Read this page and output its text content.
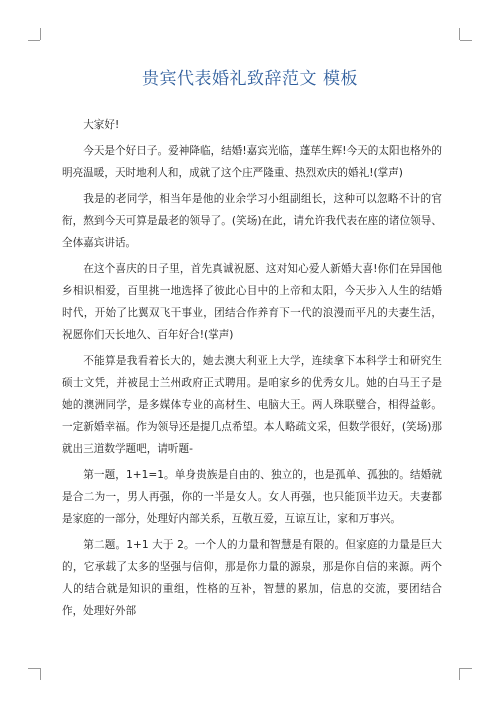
贵宾代表婚礼致辞范文 模板

大家好!

今天是个好日子。爱神降临，结婚!嘉宾光临，蓬荜生辉!今天的太阳也格外的明亮温暖，天时地利人和，成就了这个庄严隆重、热烈欢庆的婚礼!(掌声)

我是的老同学，相当年是他的业余学习小组副组长，这种可以忽略不计的官衔，熬到今天可算是最老的领导了。(笑场)在此，请允许我代表在座的诸位领导、全体嘉宾讲话。

在这个喜庆的日子里，首先真诚祝愿、这对知心爱人新婚大喜!你们在异国他乡相识相爱，百里挑一地选择了彼此心目中的上帝和太阳，今天步入人生的结婚时代，开始了比翼双飞干事业，团结合作养育下一代的浪漫而平凡的夫妻生活，祝愿你们天长地久、百年好合!(掌声)

不能算是我看着长大的，她去澳大利亚上大学，连续拿下本科学士和研究生硕士文凭，并被昆士兰州政府正式聘用。是咱家乡的优秀女儿。她的白马王子是她的澳洲同学，是多媒体专业的高材生、电脑大王。两人珠联璧合，相得益彰。一定新婚幸福。作为领导还是提几点希望。本人略疏文采，但数学很好，(笑场)那就出三道数学题吧，请听题-

第一题，1+1=1。单身贵族是自由的、独立的，也是孤单、孤独的。结婚就是合二为一，男人再强，你的一半是女人。女人再强，也只能顶半边天。夫妻都是家庭的一部分，处理好内部关系，互敬互爱，互谅互让，家和万事兴。

第二题。1+1 大于 2。一个人的力量和智慧是有限的。但家庭的力量是巨大的，它承载了太多的坚强与信仰，那是你力量的源泉，那是你自信的来源。两个人的结合就是知识的重组，性格的互补，智慧的累加，信息的交流，要团结合作，处理好外部
